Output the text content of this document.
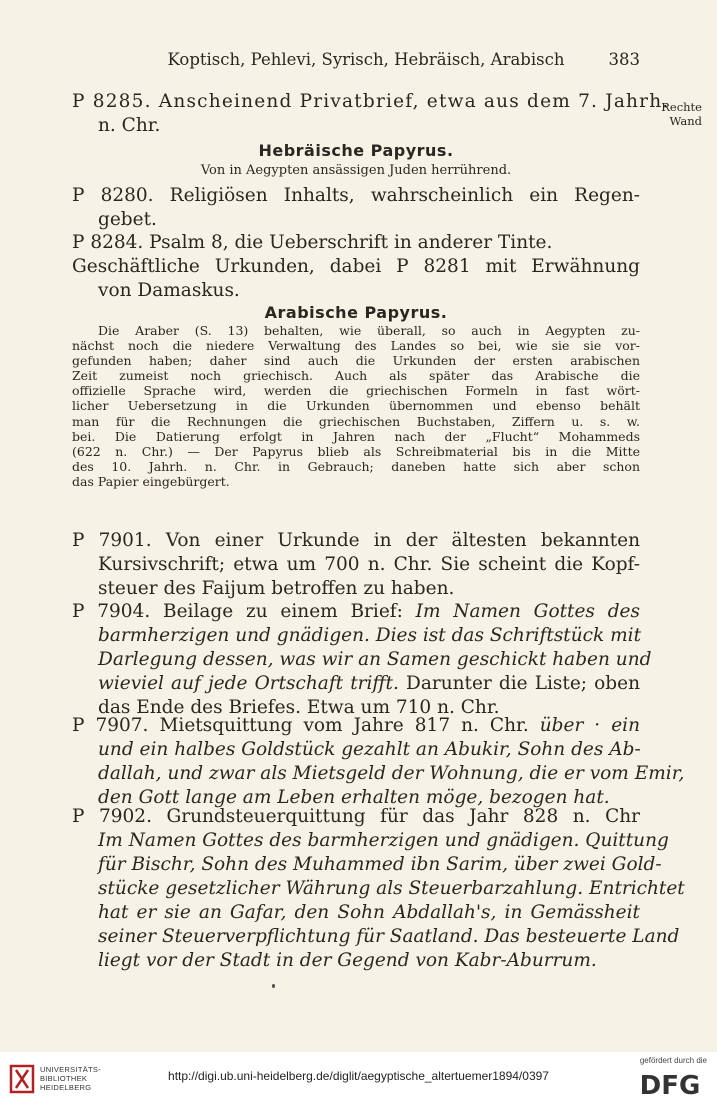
Koptisch, Pehlevi, Syrisch, Hebräisch, Arabisch	383
P 8285. Anscheinend Privatbrief, etwa aus dem 7. Jahrh.
n. Chr.
Hebräische Papyrus.
Von in Aegypten ansässigen Juden herrührend.
P 8280. Religiösen Inhalts, wahrscheinlich ein Regen-
gebet.
P 8284. Psalm 8, die Ueberschrift in anderer Tinte.
Geschäftliche Urkunden, dabei P 8281 mit Erwähnung
von Damaskus.
Arabische Papyrus.
Die Araber (S. 13) behalten, wie überall, so auch in Aegypten zu-
nächst noch die niedere Verwaltung des Landes so bei, wie sie sie vor-
gefunden haben; daher sind auch die Urkunden der ersten arabischen
Zeit zumeist noch griechisch. Auch als später das Arabische die
offizielle Sprache wird, werden die griechischen Formeln in fast wört-
licher Uebersetzung in die Urkunden übernommen und ebenso behält
man für die Rechnungen die griechischen Buchstaben, Ziffern u. s. w.
bei. Die Datierung erfolgt in Jahren nach der „Flucht“ Mohammeds
(622 n. Chr.) — Der Papyrus blieb als Schreibmaterial bis in die Mitte
des 10. Jahrh. n. Chr. in Gebrauch; daneben hatte sich aber schon
das Papier eingebürgert.
P 7901. Von einer Urkunde in der ältesten bekannten
Kursivschrift; etwa um 700 n. Chr. Sie scheint die Kopf-
steuer des Faijum betroffen zu haben.
P 7904. Beilage zu einem Brief: Im Namen Gottes des
barmherzigen und gnädigen. Dies ist das Schriftstück mit
Darlegung dessen, was wir an Samen geschickt haben und
wieviel auf jede Ortschaft trifft. Darunter die Liste; oben
das Ende des Briefes. Etwa um 710 n. Chr.
P 7907. Mietsquittung vom Jahre 817 n. Chr. über · ein
und ein halbes Goldstück gezahlt an Abukir, Sohn des Ab-
dallah, und zwar als Mietsgeld der Wohnung, die er vom Emir,
den Gott lange am Leben erhalten möge, bezogen hat.
P 7902. Grundsteuerquittung für das Jahr 828 n. Chr
Im Namen Gottes des barmherzigen und gnädigen. Quittung
für Bischr, Sohn des Muhammed ibn Sarim, über zwei Gold-
stücke gesetzlicher Währung als Steuerbarzahlung. Entrichtet
hat er sie an Gafar, den Sohn Abdallah's, in Gemässheit
seiner Steuerverpflichtung für Saatland. Das besteuerte Land
liegt vor der Stadt in der Gegend von Kabr-Aburrum.
Rechte
Wand
UNIVERSITÄTS-
BIBLIOTHEK
HEIDELBERG
http://digi.ub.uni-heidelberg.de/diglit/aegyptische_altertuemer1894/0397
gefördert durch die
DFG
